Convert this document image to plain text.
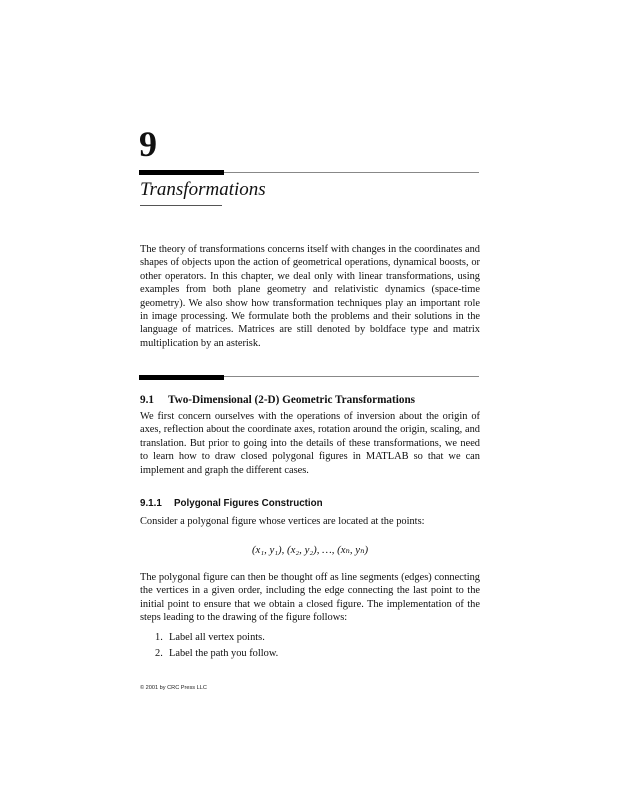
9
Transformations

The theory of transformations concerns itself with changes in the coordinates and shapes of objects upon the action of geometrical operations, dynamical boosts, or other operators. In this chapter, we deal only with linear transformations, using examples from both plane geometry and relativistic dynamics (space-time geometry). We also show how transformation techniques play an important role in image processing. We formulate both the problems and their solutions in the language of matrices. Matrices are still denoted by boldface type and matrix multiplication by an asterisk.

9.1 Two-Dimensional (2-D) Geometric Transformations

We first concern ourselves with the operations of inversion about the origin of axes, reflection about the coordinate axes, rotation around the origin, scaling, and translation. But prior to going into the details of these transformations, we need to learn how to draw closed polygonal figures in MATLAB so that we can implement and graph the different cases.

9.1.1 Polygonal Figures Construction

Consider a polygonal figure whose vertices are located at the points:

(x₁, y₁), (x₂, y₂), …, (xₙ, yₙ)

The polygonal figure can then be thought off as line segments (edges) connecting the vertices in a given order, including the edge connecting the last point to the initial point to ensure that we obtain a closed figure. The implementation of the steps leading to the drawing of the figure follows:

1. Label all vertex points.
2. Label the path you follow.
© 2001 by CRC Press LLC
